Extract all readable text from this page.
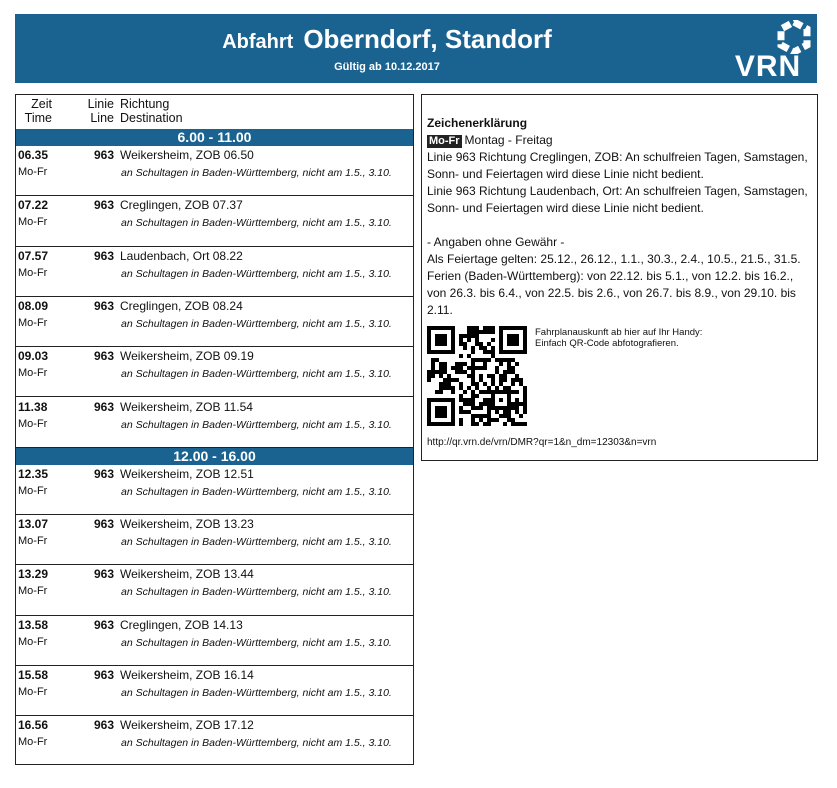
Abfahrt Oberndorf, Standorf
Gültig ab 10.12.2017	VRN
Zeit
Time
Linie
Line
Richtung
Destination
6.00 - 11.00
06.35
Mo-Fr
963 Weikersheim, ZOB 06.50
an Schultagen in Baden-Württemberg, nicht am 1.5., 3.10.
07.22
Mo-Fr
963 Creglingen, ZOB 07.37
an Schultagen in Baden-Württemberg, nicht am 1.5., 3.10.
07.57
Mo-Fr
963 Laudenbach, Ort 08.22
an Schultagen in Baden-Württemberg, nicht am 1.5., 3.10.
08.09
Mo-Fr
963 Creglingen, ZOB 08.24
an Schultagen in Baden-Württemberg, nicht am 1.5., 3.10.
09.03
Mo-Fr
963 Weikersheim, ZOB 09.19
an Schultagen in Baden-Württemberg, nicht am 1.5., 3.10.
11.38
Mo-Fr
963 Weikersheim, ZOB 11.54
an Schultagen in Baden-Württemberg, nicht am 1.5., 3.10.
12.00 - 16.00
12.35
Mo-Fr
963 Weikersheim, ZOB 12.51
an Schultagen in Baden-Württemberg, nicht am 1.5., 3.10.
13.07
Mo-Fr
963 Weikersheim, ZOB 13.23
an Schultagen in Baden-Württemberg, nicht am 1.5., 3.10.
13.29
Mo-Fr
963 Weikersheim, ZOB 13.44
an Schultagen in Baden-Württemberg, nicht am 1.5., 3.10.
13.58
Mo-Fr
963 Creglingen, ZOB 14.13
an Schultagen in Baden-Württemberg, nicht am 1.5., 3.10.
15.58
Mo-Fr
963 Weikersheim, ZOB 16.14
an Schultagen in Baden-Württemberg, nicht am 1.5., 3.10.
16.56
Mo-Fr
963 Weikersheim, ZOB 17.12
an Schultagen in Baden-Württemberg, nicht am 1.5., 3.10.

Zeichenerklärung

Mo-Fr Montag - Freitag

Linie 963 Richtung Creglingen, ZOB: An schulfreien Tagen, Samstagen, Sonn- und Feiertagen wird diese Linie nicht bedient.

Linie 963 Richtung Laudenbach, Ort: An schulfreien Tagen, Samstagen, Sonn- und Feiertagen wird diese Linie nicht bedient.

- Angaben ohne Gewähr -

Als Feiertage gelten: 25.12., 26.12., 1.1., 30.3., 2.4., 10.5., 21.5., 31.5.

Ferien (Baden-Württemberg): von 22.12. bis 5.1., von 12.2. bis 16.2., von 26.3. bis 6.4., von 22.5. bis 2.6., von 26.7. bis 8.9., von 29.10. bis 2.11.

Fahrplanauskunft ab hier auf Ihr Handy:
Einfach QR-Code abfotografieren.
http://qr.vrn.de/vrn/DMR?qr=1&n_dm=12303&n=vrn
